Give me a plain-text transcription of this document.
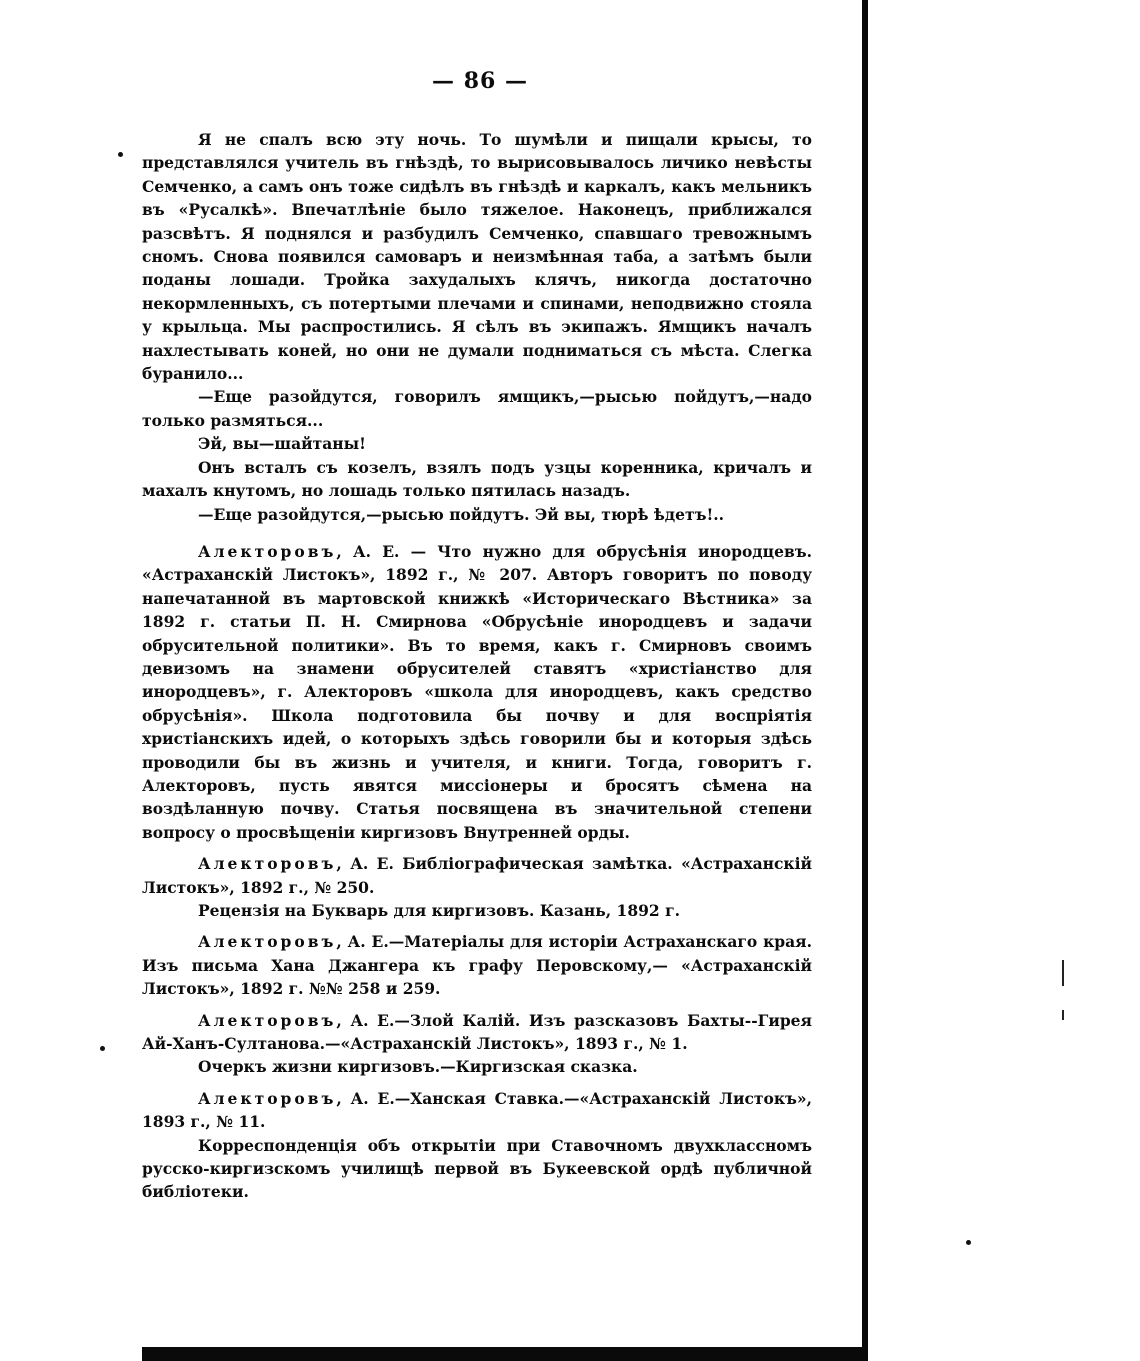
— 86 —

Я не спалъ всю эту ночь. То шумѣли и пищали крысы, то представлялся учитель въ гнѣздѣ, то вырисовывалось личико невѣсты Семченко, а самъ онъ тоже сидѣлъ въ гнѣздѣ и каркалъ, какъ мельникъ въ «Русалкѣ». Впечатлѣніе было тяжелое. Наконецъ, приближался разсвѣтъ. Я поднялся и разбудилъ Семченко, спавшаго тревожнымъ сномъ. Снова появился самоваръ и неизмѣнная таба, а затѣмъ были поданы лошади. Тройка захудалыхъ клячъ, никогда достаточно некормленныхъ, съ потертыми плечами и спинами, неподвижно стояла у крыльца. Мы распростились. Я сѣлъ въ экипажъ. Ямщикъ началъ нахлестывать коней, но они не думали подниматься съ мѣста. Слегка буранило...

—Еще разойдутся, говорилъ ямщикъ,—рысью пойдутъ,—надо только размяться...

Эй, вы—шайтаны!

Онъ всталъ съ козелъ, взялъ подъ узцы коренника, кричалъ и махалъ кнутомъ, но лошадь только пятилась назадъ.

—Еще разойдутся,—рысью пойдутъ. Эй вы, тюрѣ ѣдетъ!..

Алекторовъ, А. Е. — Что нужно для обрусѣнія инородцевъ. «Астраханскій Листокъ», 1892 г., № 207. Авторъ говоритъ по поводу напечатанной въ мартовской книжкѣ «Историческаго Вѣстника» за 1892 г. статьи П. Н. Смирнова «Обрусѣніе инородцевъ и задачи обрусительной политики». Въ то время, какъ г. Смирновъ своимъ девизомъ на знамени обрусителей ставятъ «христіанство для инородцевъ», г. Алекторовъ «школа для инородцевъ, какъ средство обрусѣнія». Школа подготовила бы почву и для воспріятія христіанскихъ идей, о которыхъ здѣсь говорили бы и которыя здѣсь проводили бы въ жизнь и учителя, и книги. Тогда, говоритъ г. Алекторовъ, пусть явятся миссіонеры и бросятъ сѣмена на воздѣланную почву. Статья посвящена въ значительной степени вопросу о просвѣщеніи киргизовъ Внутренней орды.

Алекторовъ, А. Е. Библіографическая замѣтка. «Астраханскій Листокъ», 1892 г., № 250.

Рецензія на Букварь для киргизовъ. Казань, 1892 г.

Алекторовъ, А. Е.—Матеріалы для исторіи Астраханскаго края. Изъ письма Хана Джангера къ графу Перовскому,— «Астраханскій Листокъ», 1892 г. №№ 258 и 259.

Алекторовъ, А. Е.—Злой Калій. Изъ разсказовъ Бахты--Гирея Ай-Ханъ-Султанова.—«Астраханскій Листокъ», 1893 г., № 1.

Очеркъ жизни киргизовъ.—Киргизская сказка.

Алекторовъ, А. Е.—Ханская Ставка.—«Астраханскій Листокъ», 1893 г., № 11.

Корреспонденція объ открытіи при Ставочномъ двухклассномъ русско-киргизскомъ училищѣ первой въ Букеевской ордѣ публичной библіотеки.
